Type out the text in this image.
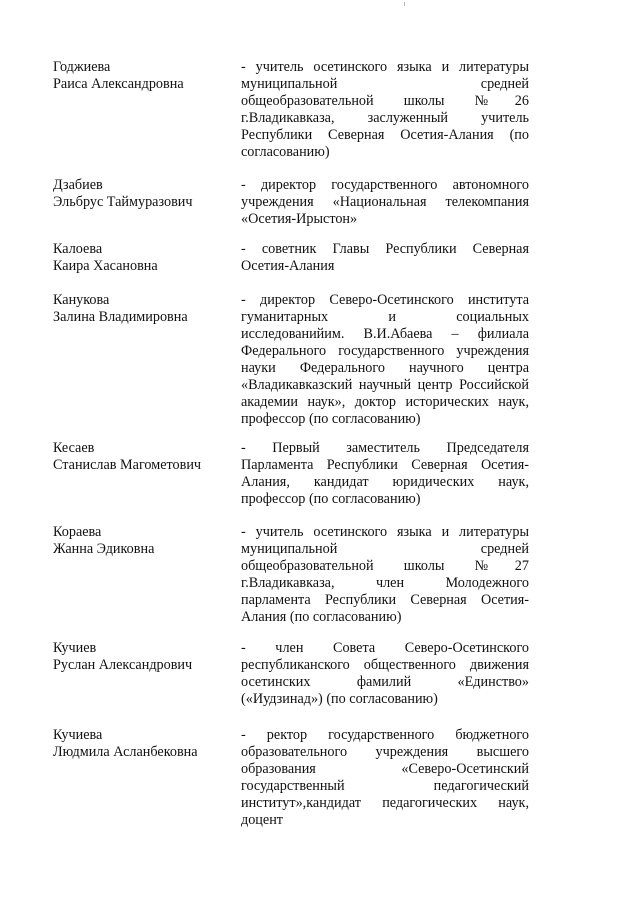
Годжиева
Раиса Александровна
- учитель осетинского языка и литературы
муниципальной средней
общеобразовательной школы №26
г.Владикавказа, заслуженный учитель
Республики Северная Осетия-Алания (по
согласованию)
Дзабиев
Эльбрус Таймуразович
- директор государственного автономного
учреждения «Национальная телекомпания
«Осетия-Ирыстон»
Калоева
Каира Хасановна
- советник Главы Республики Северная
Осетия-Алания
Канукова
Залина Владимировна
- директор Северо-Осетинского института
гуманитарных и социальных
исследованийим. В.И.Абаева – филиала
Федерального государственного учреждения
науки Федерального научного центра
«Владикавказский научный центр Российской
академии наук», доктор исторических наук,
профессор (по согласованию)
Кесаев
Станислав Магометович
- Первый заместитель Председателя
Парламента Республики Северная Осетия-
Алания, кандидат юридических наук,
профессор (по согласованию)
Кораева
Жанна Эдиковна
- учитель осетинского языка и литературы
муниципальной средней
общеобразовательной школы №27
г.Владикавказа, член Молодежного
парламента Республики Северная Осетия-
Алания (по согласованию)
Кучиев
Руслан Александрович
- член Совета Северо-Осетинского
республиканского общественного движения
осетинских фамилий «Единство»
(«Иудзинад») (по согласованию)
Кучиева
Людмила Асланбековна
- ректор государственного бюджетного
образовательного учреждения высшего
образования «Северо-Осетинский
государственный педагогический
институт»,кандидат педагогических наук,
доцент
